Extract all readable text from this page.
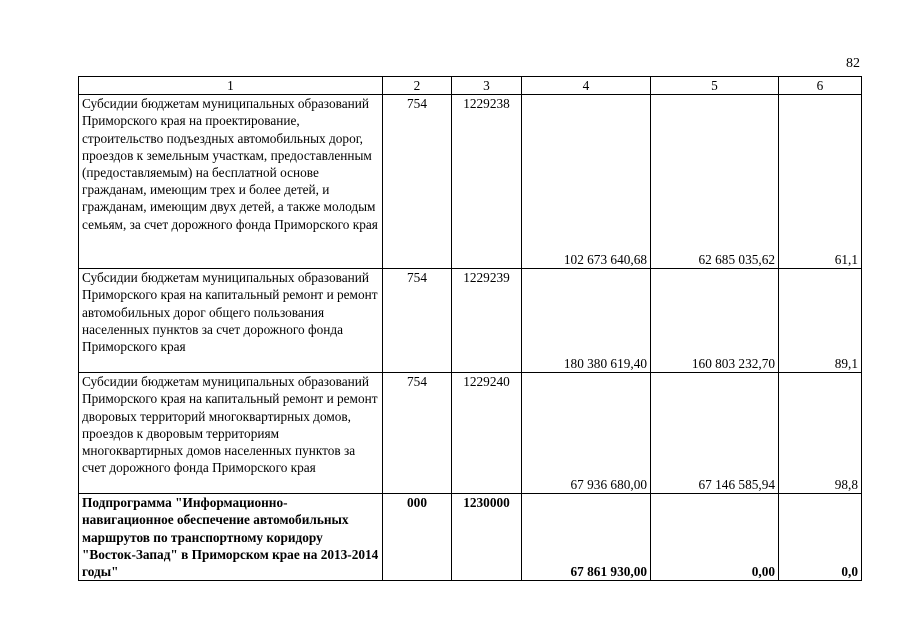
82
1	2	3	4	5	6
Субсидии бюджетам муниципальных образований Приморского края на проектирование, строительство подъездных автомобильных дорог, проездов к земельным участкам, предоставленным (предоставляемым) на бесплатной основе гражданам, имеющим трех и более детей, и гражданам, имеющим двух детей, а также молодым семьям, за счет дорожного фонда Приморского края	754	1229238	102 673 640,68	62 685 035,62	61,1
Субсидии бюджетам муниципальных образований Приморского края на капитальный ремонт и ремонт автомобильных дорог общего пользования населенных пунктов за счет дорожного фонда Приморского края	754	1229239	180 380 619,40	160 803 232,70	89,1
Субсидии бюджетам муниципальных образований Приморского края на капитальный ремонт и ремонт дворовых территорий многоквартирных домов, проездов к дворовым территориям многоквартирных домов населенных пунктов за счет дорожного фонда Приморского края	754	1229240	67 936 680,00	67 146 585,94	98,8
Подпрограмма "Информационно-навигационное обеспечение автомобильных маршрутов по транспортному коридору "Восток-Запад" в Приморском крае на 2013-2014 годы"	000	1230000	67 861 930,00	0,00	0,0
